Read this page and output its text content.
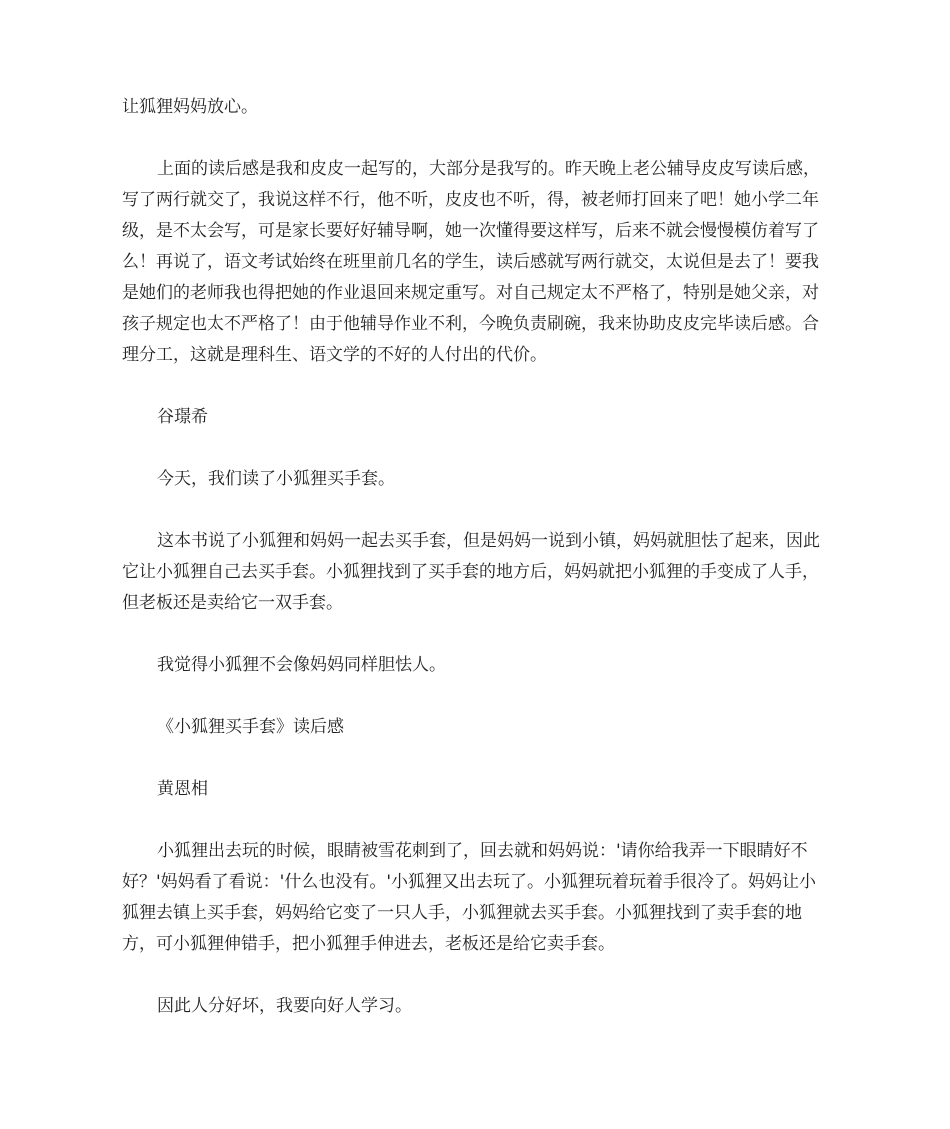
让狐狸妈妈放心。

上面的读后感是我和皮皮一起写的，大部分是我写的。昨天晚上老公辅导皮皮写读后感，写了两行就交了，我说这样不行，他不听，皮皮也不听，得，被老师打回来了吧！她小学二年级，是不太会写，可是家长要好好辅导啊，她一次懂得要这样写，后来不就会慢慢模仿着写了么！再说了，语文考试始终在班里前几名的学生，读后感就写两行就交，太说但是去了！要我是她们的老师我也得把她的作业退回来规定重写。对自己规定太不严格了，特别是她父亲，对孩子规定也太不严格了！由于他辅导作业不利，今晚负责刷碗，我来协助皮皮完毕读后感。合理分工，这就是理科生、语文学的不好的人付出的代价。

谷璟希

今天，我们读了小狐狸买手套。

这本书说了小狐狸和妈妈一起去买手套，但是妈妈一说到小镇，妈妈就胆怯了起来，因此它让小狐狸自己去买手套。小狐狸找到了买手套的地方后，妈妈就把小狐狸的手变成了人手，但老板还是卖给它一双手套。

我觉得小狐狸不会像妈妈同样胆怯人。

《小狐狸买手套》读后感

黄恩相

小狐狸出去玩的时候，眼睛被雪花刺到了，回去就和妈妈说：'请你给我弄一下眼睛好不好？'妈妈看了看说：'什么也没有。'小狐狸又出去玩了。小狐狸玩着玩着手很冷了。妈妈让小狐狸去镇上买手套，妈妈给它变了一只人手，小狐狸就去买手套。小狐狸找到了卖手套的地方，可小狐狸伸错手，把小狐狸手伸进去，老板还是给它卖手套。

因此人分好坏，我要向好人学习。
